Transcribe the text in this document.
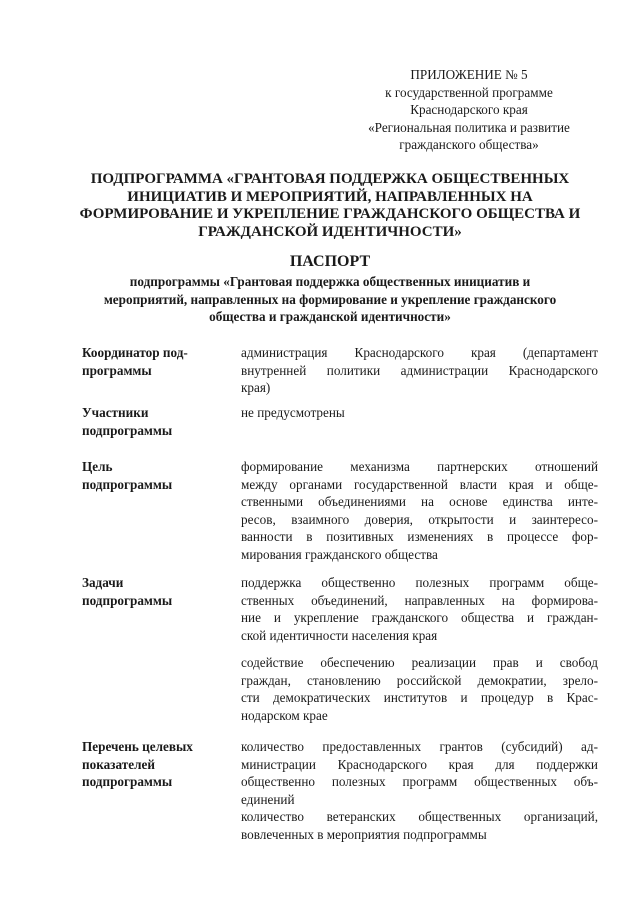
ПРИЛОЖЕНИЕ № 5
к государственной программе
Краснодарского края
«Региональная политика и развитие
гражданского общества»
ПОДПРОГРАММА «ГРАНТОВАЯ ПОДДЕРЖКА ОБЩЕСТВЕННЫХ
ИНИЦИАТИВ И МЕРОПРИЯТИЙ, НАПРАВЛЕННЫХ НА
ФОРМИРОВАНИЕ И УКРЕПЛЕНИЕ ГРАЖДАНСКОГО ОБЩЕСТВА И
ГРАЖДАНСКОЙ ИДЕНТИЧНОСТИ»
ПАСПОРТ
подпрограммы «Грантовая поддержка общественных инициатив и
мероприятий, направленных на формирование и укрепление гражданского
общества и гражданской идентичности»
Координатор под-
программы
администрация Краснодарского края (департамент
внутренней политики администрации Краснодарского
края)
Участники
подпрограммы
не предусмотрены
Цель
подпрограммы
формирование механизма партнерских отношений
между органами государственной власти края и обще-
ственными объединениями на основе единства инте-
ресов, взаимного доверия, открытости и заинтересо-
ванности в позитивных изменениях в процессе фор-
мирования гражданского общества
Задачи
подпрограммы
поддержка общественно полезных программ обще-
ственных объединений, направленных на формирова-
ние и укрепление гражданского общества и граждан-
ской идентичности населения края
содействие обеспечению реализации прав и свобод
граждан, становлению российской демократии, зрело-
сти демократических институтов и процедур в Крас-
нодарском крае
Перечень целевых
показателей
подпрограммы
количество предоставленных грантов (субсидий) ад-
министрации Краснодарского края для поддержки
общественно полезных программ общественных объ-
единений
количество ветеранских общественных организаций,
вовлеченных в мероприятия подпрограммы
